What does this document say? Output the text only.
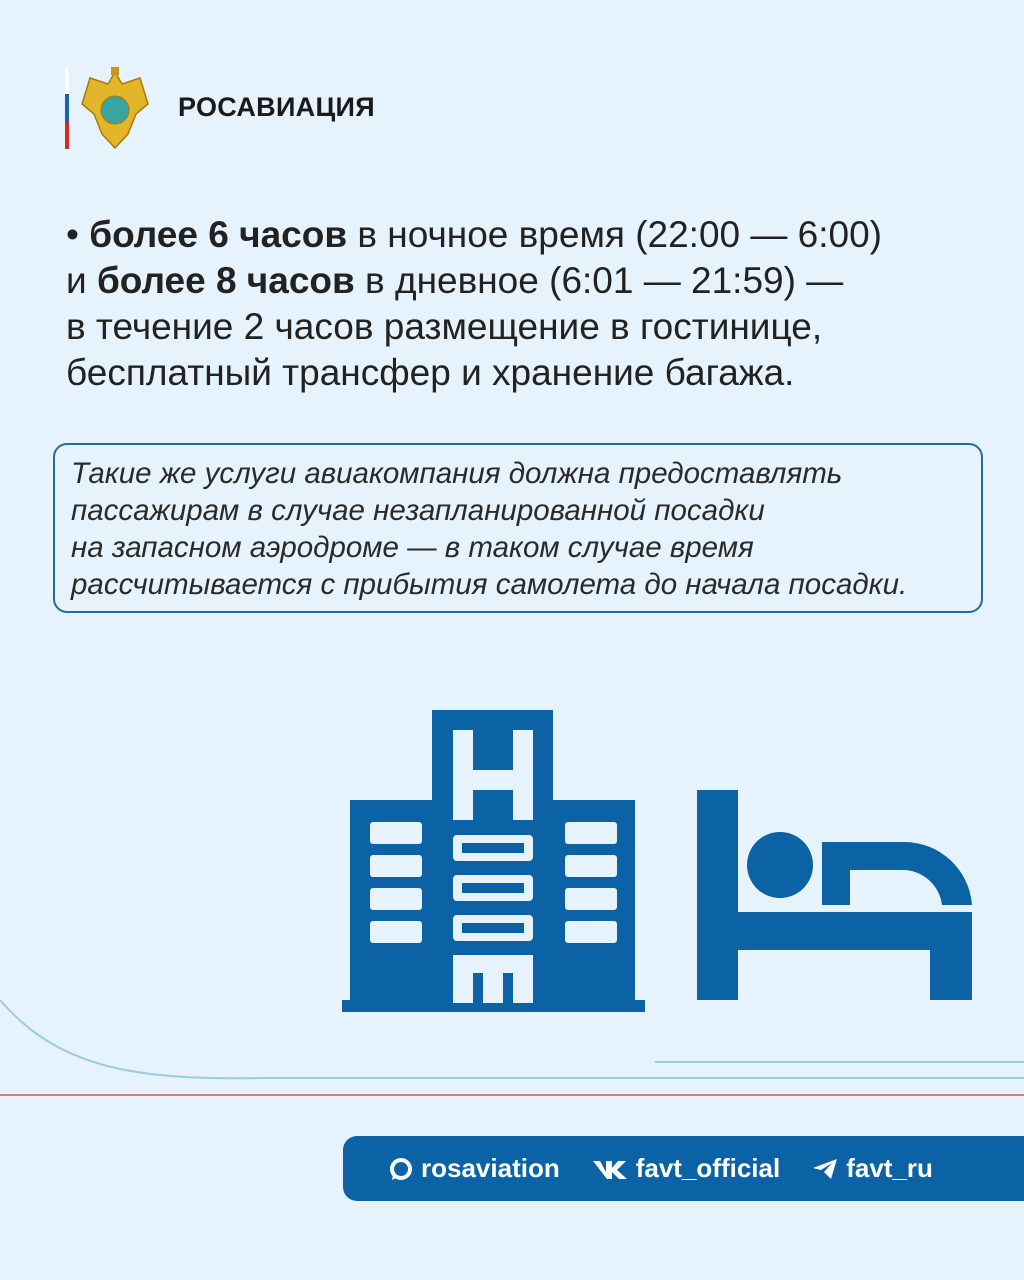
РОСАВИАЦИЯ
• более 6 часов в ночное время (22:00 — 6:00)
и более 8 часов в дневное (6:01 — 21:59) —
в течение 2 часов размещение в гостинице,
бесплатный трансфер и хранение багажа.
Такие же услуги авиакомпания должна предоставлять
пассажирам в случае незапланированной посадки
на запасном аэродроме — в таком случае время
рассчитывается с прибытия самолета до начала посадки.
rosaviation	favt_official	favt_ru
